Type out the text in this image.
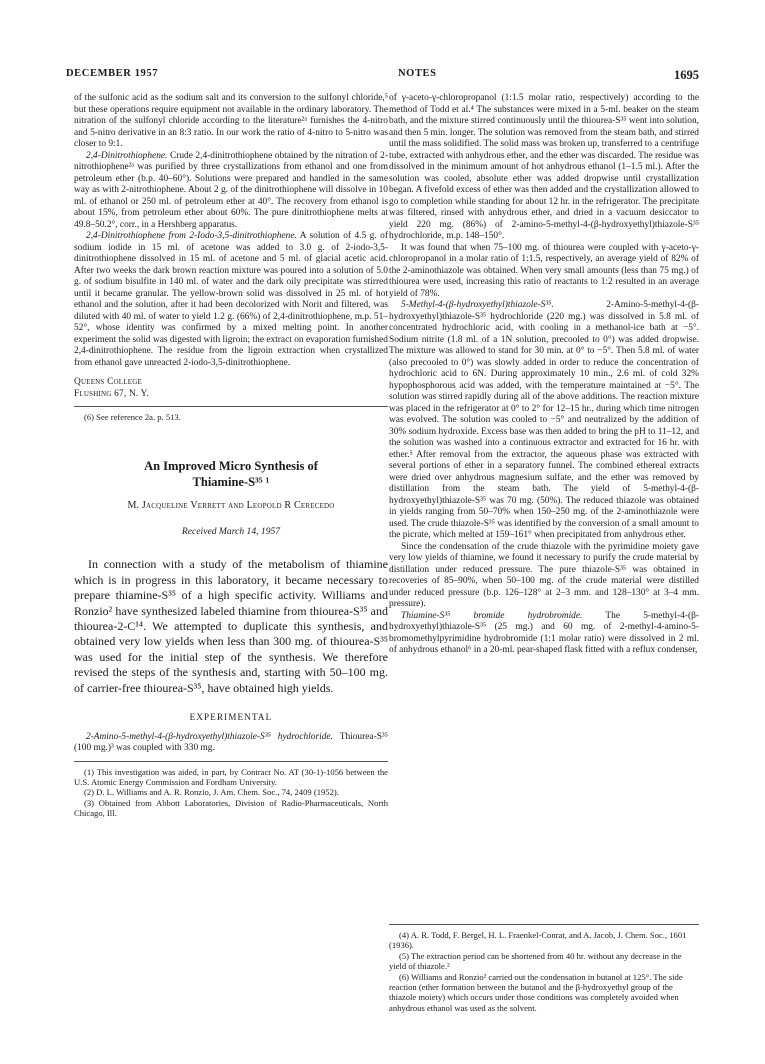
DECEMBER 1957	NOTES	1695

of the sulfonic acid as the sodium salt and its conversion to the sulfonyl chloride,⁵ but these operations require equipment not available in the ordinary laboratory. The nitration of the sulfonyl chloride according to the literature²ᵃ furnishes the 4-nitro and 5-nitro derivative in an 8:3 ratio. In our work the ratio of 4-nitro to 5-nitro was closer to 9:1.

2,4-Dinitrothiophene. Crude 2,4-dinitrothiophene obtained by the nitration of 2-nitrothiophene²ᵃ was purified by three crystallizations from ethanol and one from petroleum ether (b.p. 40–60°). Solutions were prepared and handled in the same way as with 2-nitrothiophene. About 2 g. of the dinitrothiophene will dissolve in 10 ml. of ethanol or 250 ml. of petroleum ether at 40°. The recovery from ethanol is about 15%, from petroleum ether about 60%. The pure dinitrothiophene melts at 49.8–50.2°, corr., in a Hershberg apparatus.

2,4-Dinitrothiophene from 2-Iodo-3,5-dinitrothiophene. A solution of 4.5 g. of sodium iodide in 15 ml. of acetone was added to 3.0 g. of 2-iodo-3,5-dinitrothiophene dissolved in 15 ml. of acetone and 5 ml. of glacial acetic acid. After two weeks the dark brown reaction mixture was poured into a solution of 5.0 g. of sodium bisulfite in 140 ml. of water and the dark oily precipitate was stirred until it became granular. The yellow-brown solid was dissolved in 25 ml. of hot ethanol and the solution, after it had been decolorized with Norit and filtered, was diluted with 40 ml. of water to yield 1.2 g. (66%) of 2,4-dinitrothiophene, m.p. 51–52°, whose identity was confirmed by a mixed melting point. In another experiment the solid was digested with ligroin; the extract on evaporation furnished 2,4-dinitrothiophene. The residue from the ligroin extraction when crystallized from ethanol gave unreacted 2-iodo-3,5-dinitrothiophene.

Queens College
Flushing 67, N. Y.

(6) See reference 2a. p. 513.

An Improved Micro Synthesis of
Thiamine-S³⁵ ¹
M. Jacqueline Verrett and Leopold R Cerecedo
Received March 14, 1957

In connection with a study of the metabolism of thiamine which is in progress in this laboratory, it became necessary to prepare thiamine-S³⁵ of a high specific activity. Williams and Ronzio² have synthesized labeled thiamine from thiourea-S³⁵ and thiourea-2-C¹⁴. We attempted to duplicate this synthesis, and obtained very low yields when less than 300 mg. of thiourea-S³⁵ was used for the initial step of the synthesis. We therefore revised the steps of the synthesis and, starting with 50–100 mg. of carrier-free thiourea-S³⁵, have obtained high yields.

EXPERIMENTAL

2-Amino-5-methyl-4-(β-hydroxyethyl)thiazole-S³⁵ hydrochloride. Thiourea-S³⁵ (100 mg.)³ was coupled with 330 mg.

(1) This investigation was aided, in part, by Contract No. AT (30-1)-1056 between the U.S. Atomic Energy Commission and Fordham University.

(2) D. L. Williams and A. R. Ronzio, J. Am. Chem. Soc., 74, 2409 (1952).

(3) Obtained from Abbott Laboratories, Division of Radio-Pharmaceuticals, North Chicago, Ill.

of γ-aceto-γ-chloropropanol (1:1.5 molar ratio, respectively) according to the method of Todd et al.⁴ The substances were mixed in a 5-ml. beaker on the steam bath, and the mixture stirred continuously until the thiourea-S³⁵ went into solution, and then 5 min. longer. The solution was removed from the steam bath, and stirred until the mass solidified. The solid mass was broken up, transferred to a centrifuge tube, extracted with anhydrous ether, and the ether was discarded. The residue was dissolved in the minimum amount of hot anhydrous ethanol (1–1.5 ml.). After the solution was cooled, absolute ether was added dropwise until crystallization began. A fivefold excess of ether was then added and the crystallization allowed to go to completion while standing for about 12 hr. in the refrigerator. The precipitate was filtered, rinsed with anhydrous ether, and dried in a vacuum desiccator to yield 220 mg. (86%) of 2-amino-5-methyl-4-(β-hydroxyethyl)thiazole-S³⁵ hydrochloride, m.p. 148–150°.

It was found that when 75–100 mg. of thiourea were coupled with γ-aceto-γ-chloropropanol in a molar ratio of 1:1.5, respectively, an average yield of 82% of the 2-aminothiazole was obtained. When very small amounts (less than 75 mg.) of thiourea were used, increasing this ratio of reactants to 1:2 resulted in an average yield of 78%.

5-Methyl-4-(β-hydroxyethyl)thiazole-S³⁵. 2-Amino-5-methyl-4-(β-hydroxyethyl)thiazole-S³⁵ hydrochloride (220 mg.) was dissolved in 5.8 ml. of concentrated hydrochloric acid, with cooling in a methanol-ice bath at −5°. Sodium nitrite (1.8 ml. of a 1N solution, precooled to 0°) was added dropwise. The mixture was allowed to stand for 30 min. at 0° to −5°. Then 5.8 ml. of water (also precooled to 0°) was slowly added in order to reduce the concentration of hydrochloric acid to 6N. During approximately 10 min., 2.6 ml. of cold 32% hypophosphorous acid was added, with the temperature maintained at −5°. The solution was stirred rapidly during all of the above additions. The reaction mixture was placed in the refrigerator at 0° to 2° for 12–15 hr., during which time nitrogen was evolved. The solution was cooled to −5° and neutralized by the addition of 30% sodium hydroxide. Excess base was then added to bring the pH to 11–12, and the solution was washed into a continuous extractor and extracted for 16 hr. with ether.⁵ After removal from the extractor, the aqueous phase was extracted with several portions of ether in a separatory funnel. The combined ethereal extracts were dried over anhydrous magnesium sulfate, and the ether was removed by distillation from the steam bath. The yield of 5-methyl-4-(β-hydroxyethyl)thiazole-S³⁵ was 70 mg. (50%). The reduced thiazole was obtained in yields ranging from 50–70% when 150–250 mg. of the 2-aminothiazole were used. The crude thiazole-S³⁵ was identified by the conversion of a small amount to the picrate, which melted at 159–161° when precipitated from anhydrous ether.

Since the condensation of the crude thiazole with the pyrimidine moiety gave very low yields of thiamine, we found it necessary to purify the crude material by distillation under reduced pressure. The pure thiazole-S³⁵ was obtained in recoveries of 85–90%, when 50–100 mg. of the crude material were distilled under reduced pressure (b.p. 126–128° at 2–3 mm. and 128–130° at 3–4 mm. pressure).

Thiamine-S³⁵ bromide hydrobromide. The 5-methyl-4-(β-hydroxyethyl)thiazole-S³⁵ (25 mg.) and 60 mg. of 2-methyl-4-amino-5-bromomethylpyrimidine hydrobromide (1:1 molar ratio) were dissolved in 2 ml. of anhydrous ethanol⁶ in a 20-ml. pear-shaped flask fitted with a reflux condenser,

(4) A. R. Todd, F. Bergel, H. L. Fraenkel-Conrat, and A. Jacob, J. Chem. Soc., 1601 (1936).

(5) The extraction period can be shortened from 40 hr. without any decrease in the yield of thiazole.²

(6) Williams and Ronzio² carried out the condensation in butanol at 125°. The side reaction (ether formation between the butanol and the β-hydroxyethyl group of the thiazole moiety) which occurs under those conditions was completely avoided when anhydrous ethanol was used as the solvent.
